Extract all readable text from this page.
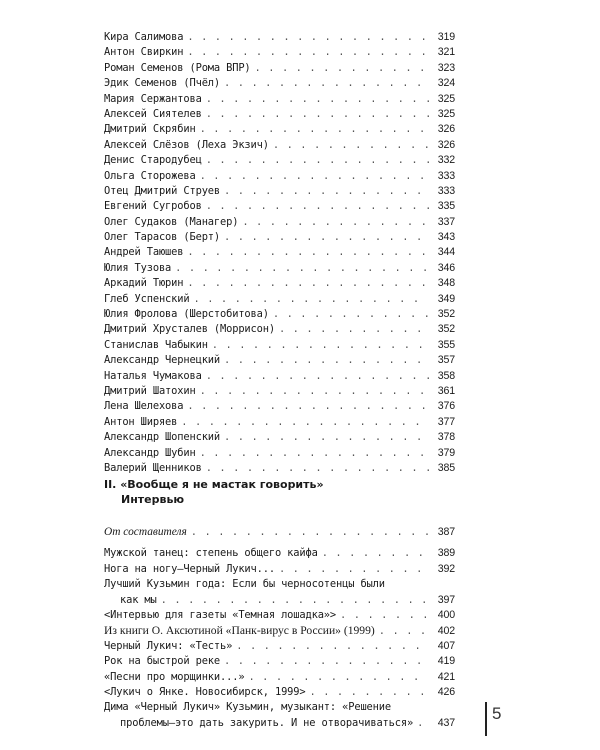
Кира Салимова . . .	319
Антон Свиркин . . .	321
Роман Семенов (Рома ВПР) . . .	323
Эдик Семенов (Пчёл) . . .	324
Мария Сержантова . . .	325
Алексей Сиятелев . . .	325
Дмитрий Скрябин . . .	326
Алексей Слёзов (Леха Экзич) . . .	326
Денис Стародубец . . .	332
Ольга Сторожева . . .	333
Отец Дмитрий Струев . . .	333
Евгений Сугробов . . .	335
Олег Судаков (Манагер) . . .	337
Олег Тарасов (Берт) . . .	343
Андрей Таюшев . . .	344
Юлия Тузова . . .	346
Аркадий Тюрин . . .	348
Глеб Успенский . . .	349
Юлия Фролова (Шерстобитова) . . .	352
Дмитрий Хрусталев (Моррисон) . . .	352
Станислав Чабыкин . . .	355
Александр Чернецкий . . .	357
Наталья Чумакова . . .	358
Дмитрий Шатохин . . .	361
Лена Шелехова . . .	376
Антон Ширяев . . .	377
Александр Шопенский . . .	378
Александр Шубин . . .	379
Валерий Щенников . . .	385
II. «Вообще я не мастак говорить»
Интервью
От составителя . . .	387
Мужской танец: степень общего кайфа . . .	389
Нога на ногу—Черный Лукич... . . .	392
Лучший Кузьмин года: Если бы черносотенцы были
как мы . . .	397
<Интервью для газеты «Темная лошадка»> . . .	400
Из книги О. Аксютиной «Панк-вирус в России» (1999) . . .	402
Черный Лукич: «Тесть» . . .	407
Рок на быстрой реке . . .	419
«Песни про морщинки...» . . .	421
<Лукич о Янке. Новосибирск, 1999> . . .	426
Дима «Черный Лукич» Кузьмин, музыкант: «Решение
проблемы—это дать закурить. И не отворачиваться» . . .	437 5
